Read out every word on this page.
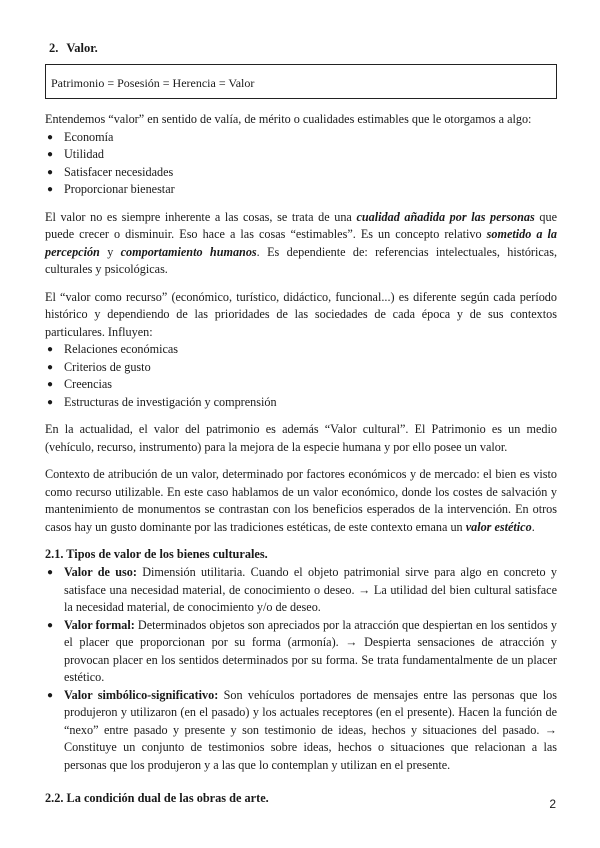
2. Valor.
Patrimonio = Posesión = Herencia = Valor

Entendemos “valor” en sentido de valía, de mérito o cualidades estimables que le otorgamos a algo:

● Economía
● Utilidad
● Satisfacer necesidades
● Proporcionar bienestar

El valor no es siempre inherente a las cosas, se trata de una cualidad añadida por las personas que puede crecer o disminuir. Eso hace a las cosas “estimables”. Es un concepto relativo sometido a la percepción y comportamiento humanos. Es dependiente de: referencias intelectuales, históricas, culturales y psicológicas.

El “valor como recurso” (económico, turístico, didáctico, funcional...) es diferente según cada período histórico y dependiendo de las prioridades de las sociedades de cada época y de sus contextos particulares. Influyen:

● Relaciones económicas
● Criterios de gusto
● Creencias
● Estructuras de investigación y comprensión

En la actualidad, el valor del patrimonio es además “Valor cultural”. El Patrimonio es un medio (vehículo, recurso, instrumento) para la mejora de la especie humana y por ello posee un valor.

Contexto de atribución de un valor, determinado por factores económicos y de mercado: el bien es visto como recurso utilizable. En este caso hablamos de un valor económico, donde los costes de salvación y mantenimiento de monumentos se contrastan con los beneficios esperados de la intervención. En otros casos hay un gusto dominante por las tradiciones estéticas, de este contexto emana un valor estético.

2.1. Tipos de valor de los bienes culturales.
● Valor de uso: Dimensión utilitaria. Cuando el objeto patrimonial sirve para algo en concreto y satisface una necesidad material, de conocimiento o deseo. → La utilidad del bien cultural satisface la necesidad material, de conocimiento y/o de deseo.
● Valor formal: Determinados objetos son apreciados por la atracción que despiertan en los sentidos y el placer que proporcionan por su forma (armonía). → Despierta sensaciones de atracción y provocan placer en los sentidos determinados por su forma. Se trata fundamentalmente de un placer estético.
● Valor simbólico-significativo: Son vehículos portadores de mensajes entre las personas que los produjeron y utilizaron (en el pasado) y los actuales receptores (en el presente). Hacen la función de “nexo” entre pasado y presente y son testimonio de ideas, hechos y situaciones del pasado. → Constituye un conjunto de testimonios sobre ideas, hechos o situaciones que relacionan a las personas que los produjeron y a las que lo contemplan y utilizan en el presente.
2.2. La condición dual de las obras de arte.	2
